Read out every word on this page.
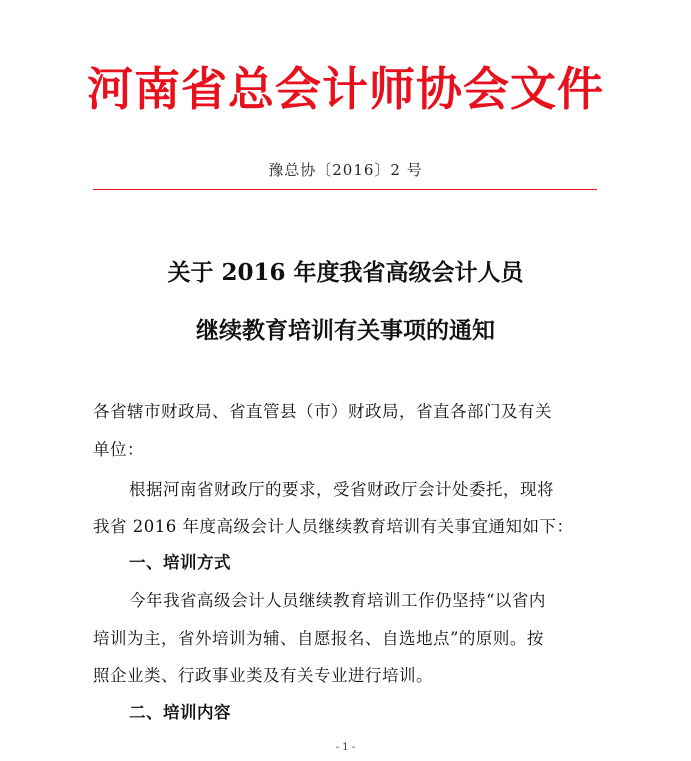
河南省总会计师协会文件
豫总协〔2016〕2 号
关于 2016 年度我省高级会计人员
继续教育培训有关事项的通知
各省辖市财政局、省直管县（市）财政局，省直各部门及有关
单位：
根据河南省财政厅的要求，受省财政厅会计处委托，现将
我省 2016 年度高级会计人员继续教育培训有关事宜通知如下：
一、培训方式
今年我省高级会计人员继续教育培训工作仍坚持“以省内
培训为主，省外培训为辅、自愿报名、自选地点”的原则。按
照企业类、行政事业类及有关专业进行培训。
二、培训内容
- 1 -
